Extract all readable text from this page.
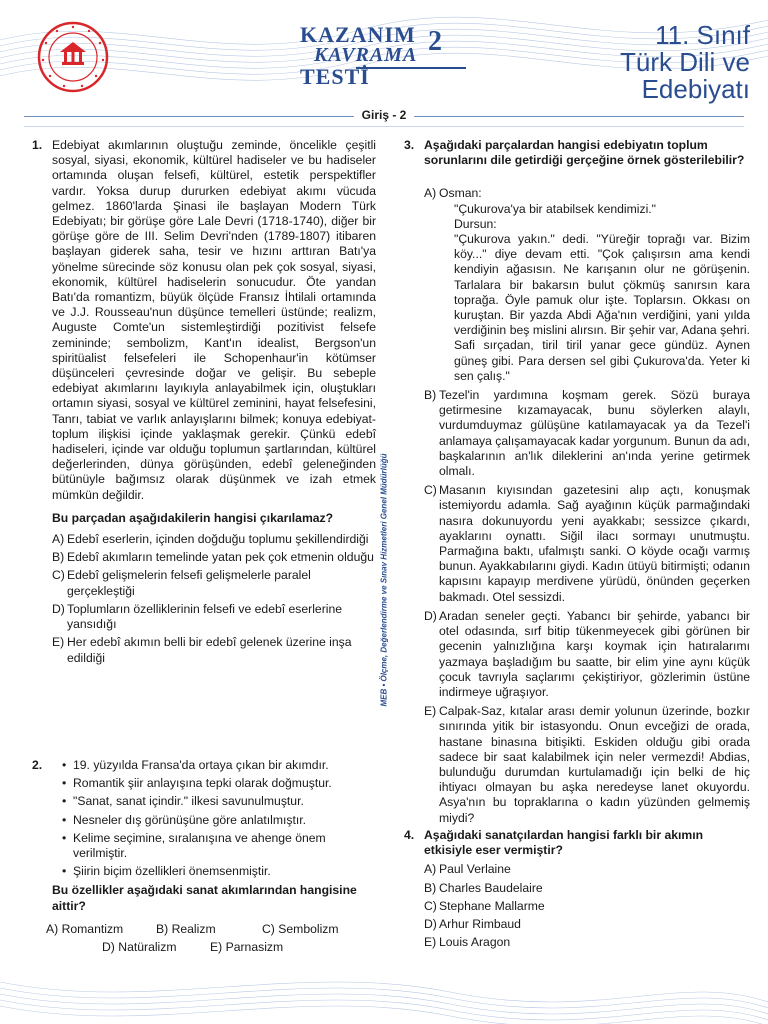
KAZANIM
KAVRAMA
TESTİ
2	11. Sınıf
Türk Dili ve
Edebiyatı
Giriş - 2
MEB • Ölçme, Değerlendirme ve Sınav Hizmetleri Genel Müdürlüğü
1. Edebiyat akımlarının oluştuğu zeminde, öncelikle çeşitli sosyal, siyasi, ekonomik, kültürel hadiseler ve bu hadiseler ortamında oluşan felsefi, kültürel, estetik perspektifler vardır. Yoksa durup dururken edebiyat akımı vücuda gelmez. 1860'larda Şinasi ile başlayan Modern Türk Edebiyatı; bir görüşe göre Lale Devri (1718-1740), diğer bir görüşe göre de III. Selim Devri'nden (1789-1807) itibaren başlayan giderek saha, tesir ve hızını arttıran Batı'ya yönelme sürecinde söz konusu olan pek çok sosyal, siyasi, ekonomik, kültürel hadiselerin sonucudur. Öte yandan Batı'da romantizm, büyük ölçüde Fransız İhtilali ortamında ve J.J. Rousseau'nun düşünce temelleri üstünde; realizm, Auguste Comte'un sistemleştirdiği pozitivist felsefe zemininde; sembolizm, Kant'ın idealist, Bergson'un spiritüalist felsefeleri ile Schopenhaur'in kötümser düşünceleri çevresinde doğar ve gelişir. Bu sebeple edebiyat akımlarını layıkıyla anlayabilmek için, oluştukları ortamın siyasi, sosyal ve kültürel zeminini, hayat felsefesini, Tanrı, tabiat ve varlık anlayışlarını bilmek; konuya edebiyat-toplum ilişkisi içinde yaklaşmak gerekir. Çünkü edebî hadiseleri, içinde var olduğu toplumun şartlarından, kültürel değerlerinden, dünya görüşünden, edebî geleneğinden bütünüyle bağımsız olarak düşünmek ve izah etmek mümkün değildir.
Bu parçadan aşağıdakilerin hangisi çıkarılamaz?
A) Edebî eserlerin, içinden doğduğu toplumu şekillendirdiği
B) Edebî akımların temelinde yatan pek çok etmenin olduğu
C) Edebî gelişmelerin felsefi gelişmelerle paralel gerçekleştiği
D) Toplumların özelliklerinin felsefi ve edebî eserlerine yansıdığı
E) Her edebî akımın belli bir edebî gelenek üzerine inşa edildiği
2.
•	19. yüzyılda Fransa'da ortaya çıkan bir akımdır.
• Romantik şiir anlayışına tepki olarak doğmuştur.
• "Sanat, sanat içindir." ilkesi savunulmuştur.
• Nesneler dış görünüşüne göre anlatılmıştır.
• Kelime seçimine, sıralanışına ve ahenge önem verilmiştir.
• Şiirin biçim özellikleri önemsenmiştir.
Bu özellikler aşağıdaki sanat akımlarından hangisine aittir?
A) Romantizm	B) Realizm	C) Sembolizm
D) Natüralizm	E) Parnasizm
3. Aşağıdaki parçalardan hangisi edebiyatın toplum sorunlarını dile getirdiği gerçeğine örnek gösterilebilir?
A) Osman:
"Çukurova'ya bir atabilsek kendimizi."
Dursun:
"Çukurova yakın." dedi. "Yüreğir toprağı var. Bizim köy..." diye devam etti. "Çok çalışırsın ama kendi kendiyin ağasısın. Ne karışanın olur ne görüşenin. Tarlalara bir bakarsın bulut çökmüş sanırsın kara toprağa. Öyle pamuk olur işte. Toplarsın. Okkası on kuruştan. Bir yazda Abdi Ağa'nın verdiğini, yani yılda verdiğinin beş mislini alırsın. Bir şehir var, Adana şehri. Safi sırçadan, tiril tiril yanar gece gündüz. Aynen güneş gibi. Para dersen sel gibi Çukurova'da. Yeter ki sen çalış."
B) Tezel'in yardımına koşmam gerek. Sözü buraya getirmesine kızamayacak, bunu söylerken alaylı, vurdumduymaz gülüşüne katılamayacak ya da Tezel'i anlamaya çalışamayacak kadar yorgunum. Bunun da adı, başkalarının an'lık dileklerini an'ında yerine getirmek olmalı.
C) Masanın kıyısından gazetesini alıp açtı, konuşmak istemiyordu adamla. Sağ ayağının küçük parmağındaki nasıra dokunuyordu yeni ayakkabı; sessizce çıkardı, ayaklarını oynattı. Siğil ilacı sormayı unutmuştu. Parmağına baktı, ufalmıştı sanki. O köyde ocağı varmış bunun. Ayakkabılarını giydi. Kadın ütüyü bitirmişti; odanın kapısını kapayıp merdivene yürüdü, önünden geçerken bakmadı. Otel sessizdi.
D) Aradan seneler geçti. Yabancı bir şehirde, yabancı bir otel odasında, sırf bitip tükenmeyecek gibi görünen bir gecenin yalnızlığına karşı koymak için hatıralarımı yazmaya başladığım bu saatte, bir elim yine aynı küçük çocuk tavrıyla saçlarımı çekiştiriyor, gözlerimin üstüne indirmeye uğraşıyor.
E) Calpak-Saz, kıtalar arası demir yolunun üzerinde, bozkır sınırında yitik bir istasyondu. Onun evceğizi de orada, hastane binasına bitişikti. Eskiden olduğu gibi orada sadece bir saat kalabilmek için neler vermezdi! Abdias, bulunduğu durumdan kurtulamadığı için belki de hiç ihtiyacı olmayan bu aşka neredeyse lanet okuyordu. Asya'nın bu topraklarına o kadın yüzünden gelmemiş miydi?
4. Aşağıdaki sanatçılardan hangisi farklı bir akımın etkisiyle eser vermiştir?
A) Paul Verlaine
B) Charles Baudelaire
C) Stephane Mallarme
D) Arhur Rimbaud
E) Louis Aragon
